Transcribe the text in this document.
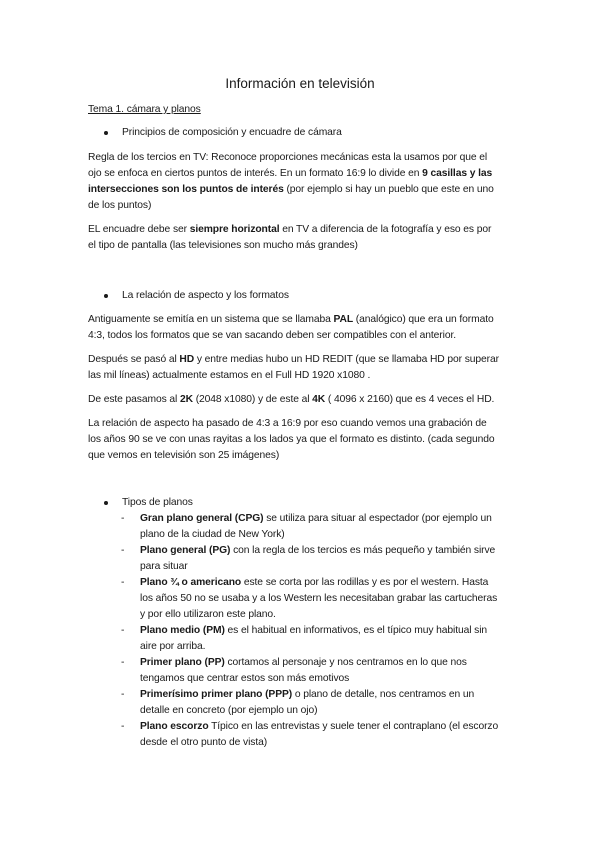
Información en televisión

Tema 1. cámara y planos

Principios de composición y encuadre de cámara

Regla de los tercios en TV: Reconoce proporciones mecánicas esta la usamos por que el

ojo se enfoca en ciertos puntos de interés. En un formato 16:9 lo divide en 9 casillas y las

intersecciones son los puntos de interés (por ejemplo si hay un pueblo que este en uno

de los puntos)

EL encuadre debe ser siempre horizontal en TV a diferencia de la fotografía y eso es por

el tipo de pantalla (las televisiones son mucho más grandes)

La relación de aspecto y los formatos

Antiguamente se emitía en un sistema que se llamaba PAL (analógico) que era un formato

4:3, todos los formatos que se van sacando deben ser compatibles con el anterior.

Después se pasó al HD y entre medias hubo un HD REDIT (que se llamaba HD por superar

las mil líneas) actualmente estamos en el Full HD 1920 x1080 .

De este pasamos al 2K (2048 x1080) y de este al 4K ( 4096 x 2160) que es 4 veces el HD.

La relación de aspecto ha pasado de 4:3 a 16:9 por eso cuando vemos una grabación de

los años 90 se ve con unas rayitas a los lados ya que el formato es distinto. (cada segundo

que vemos en televisión son 25 imágenes)

Tipos de planos

- Gran plano general (CPG) se utiliza para situar al espectador (por ejemplo un

plano de la ciudad de New York)

- Plano general (PG) con la regla de los tercios es más pequeño y también sirve

para situar

- Plano ¾ o americano este se corta por las rodillas y es por el western. Hasta

los años 50 no se usaba y a los Western les necesitaban grabar las cartucheras

y por ello utilizaron este plano.

- Plano medio (PM) es el habitual en informativos, es el típico muy habitual sin

aire por arriba.

- Primer plano (PP) cortamos al personaje y nos centramos en lo que nos

tengamos que centrar estos son más emotivos

- Primerísimo primer plano (PPP) o plano de detalle, nos centramos en un

detalle en concreto (por ejemplo un ojo)

- Plano escorzo Típico en las entrevistas y suele tener el contraplano (el escorzo

desde el otro punto de vista)
